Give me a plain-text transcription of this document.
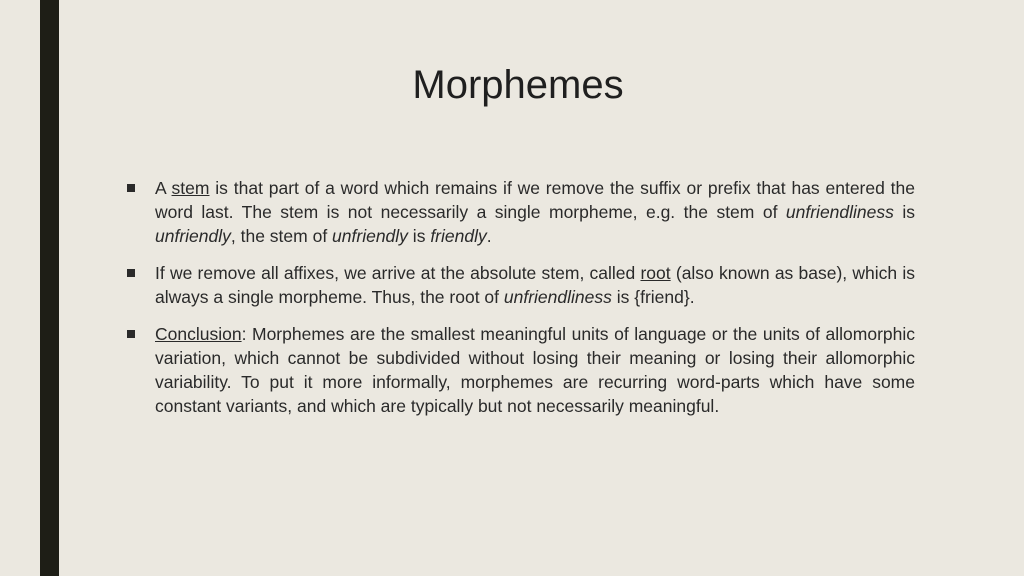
Morphemes
A stem is that part of a word which remains if we remove the suffix or prefix that has entered the word last. The stem is not necessarily a single morpheme, e.g. the stem of unfriendliness is unfriendly, the stem of unfriendly is friendly.
If we remove all affixes, we arrive at the absolute stem, called root (also known as base), which is always a single morpheme. Thus, the root of unfriendliness is {friend}.
Conclusion: Morphemes are the smallest meaningful units of language or the units of allomorphic variation, which cannot be subdivided without losing their meaning or losing their allomorphic variability. To put it more informally, morphemes are recurring word-parts which have some constant variants, and which are typically but not necessarily meaningful.
